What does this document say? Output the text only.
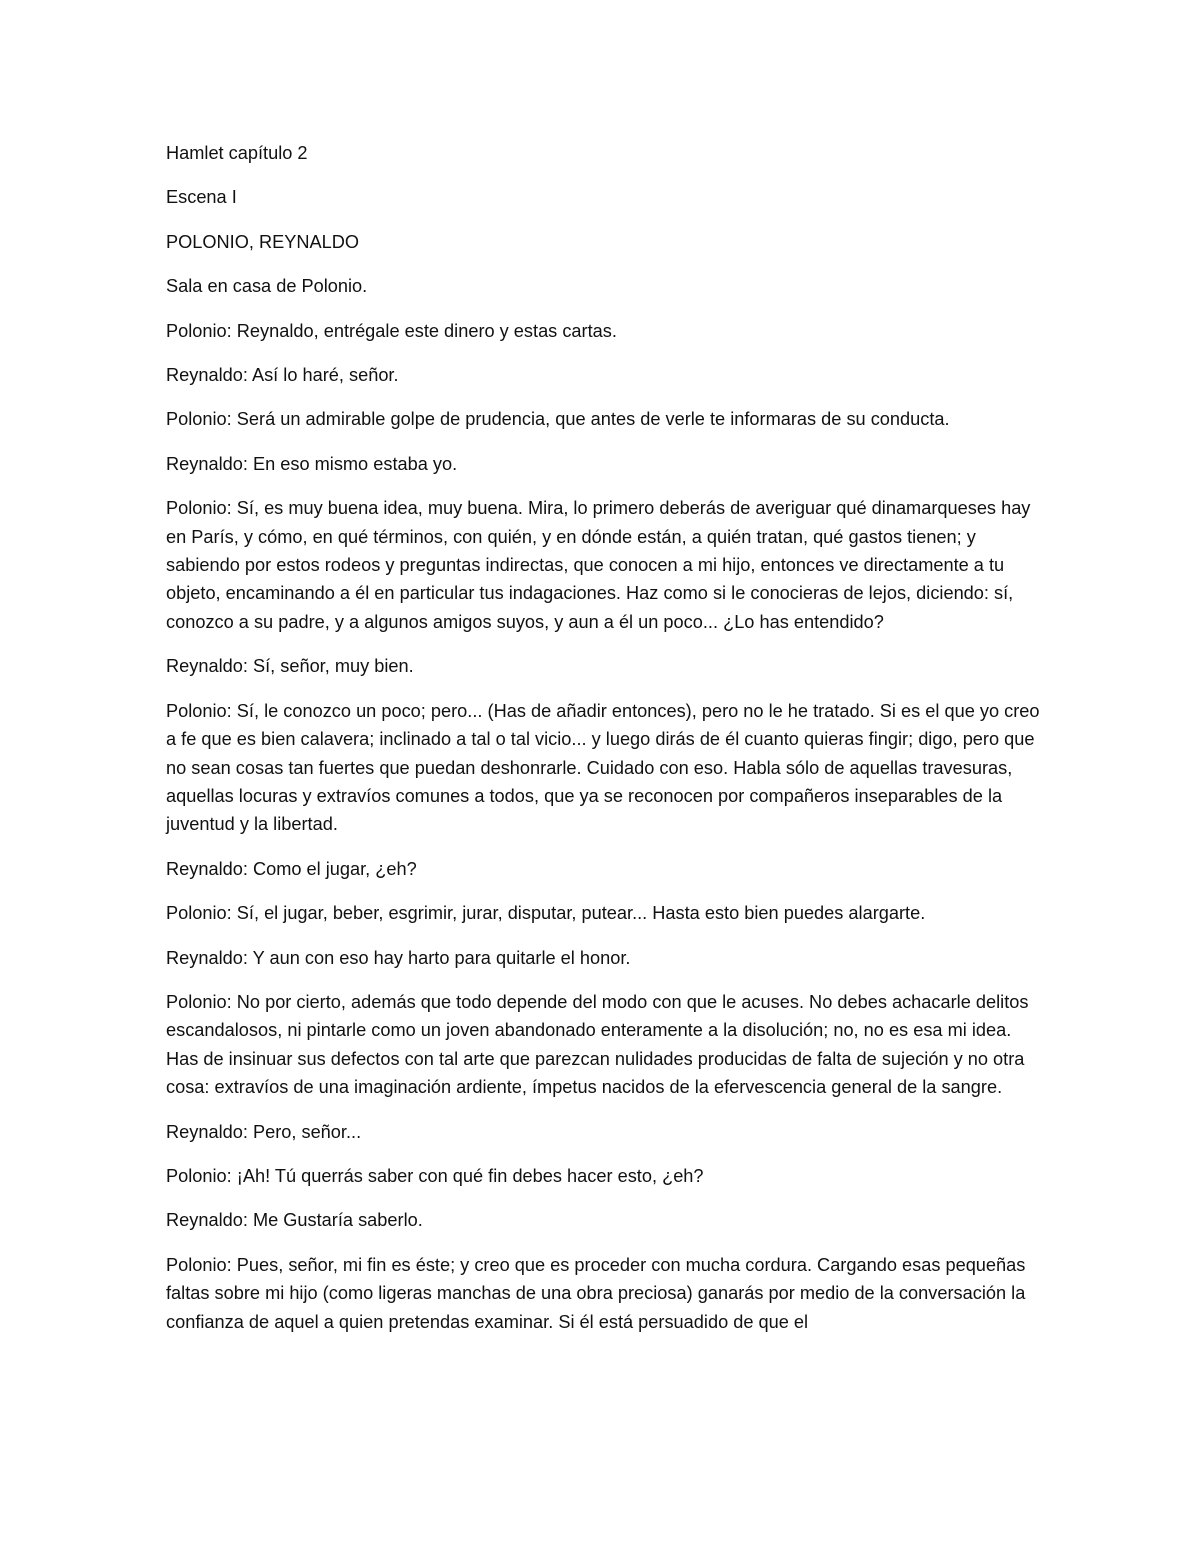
Hamlet capítulo 2

Escena I

POLONIO, REYNALDO

Sala en casa de Polonio.

Polonio: Reynaldo, entrégale este dinero y estas cartas.

Reynaldo: Así lo haré, señor.

Polonio: Será un admirable golpe de prudencia, que antes de verle te informaras de su conducta.

Reynaldo: En eso mismo estaba yo.

Polonio: Sí, es muy buena idea, muy buena. Mira, lo primero deberás de averiguar qué dinamarqueses hay en París, y cómo, en qué términos, con quién, y en dónde están, a quién tratan, qué gastos tienen; y sabiendo por estos rodeos y preguntas indirectas, que conocen a mi hijo, entonces ve directamente a tu objeto, encaminando a él en particular tus indagaciones. Haz como si le conocieras de lejos, diciendo: sí, conozco a su padre, y a algunos amigos suyos, y aun a él un poco... ¿Lo has entendido?

Reynaldo: Sí, señor, muy bien.

Polonio: Sí, le conozco un poco; pero... (Has de añadir entonces), pero no le he tratado. Si es el que yo creo a fe que es bien calavera; inclinado a tal o tal vicio... y luego dirás de él cuanto quieras fingir; digo, pero que no sean cosas tan fuertes que puedan deshonrarle. Cuidado con eso. Habla sólo de aquellas travesuras, aquellas locuras y extravíos comunes a todos, que ya se reconocen por compañeros inseparables de la juventud y la libertad.

Reynaldo: Como el jugar, ¿eh?

Polonio: Sí, el jugar, beber, esgrimir, jurar, disputar, putear... Hasta esto bien puedes alargarte.

Reynaldo: Y aun con eso hay harto para quitarle el honor.

Polonio: No por cierto, además que todo depende del modo con que le acuses. No debes achacarle delitos escandalosos, ni pintarle como un joven abandonado enteramente a la disolución; no, no es esa mi idea. Has de insinuar sus defectos con tal arte que parezcan nulidades producidas de falta de sujeción y no otra cosa: extravíos de una imaginación ardiente, ímpetus nacidos de la efervescencia general de la sangre.

Reynaldo: Pero, señor...

Polonio: ¡Ah! Tú querrás saber con qué fin debes hacer esto, ¿eh?

Reynaldo: Me Gustaría saberlo.

Polonio: Pues, señor, mi fin es éste; y creo que es proceder con mucha cordura. Cargando esas pequeñas faltas sobre mi hijo (como ligeras manchas de una obra preciosa) ganarás por medio de la conversación la confianza de aquel a quien pretendas examinar. Si él está persuadido de que el
